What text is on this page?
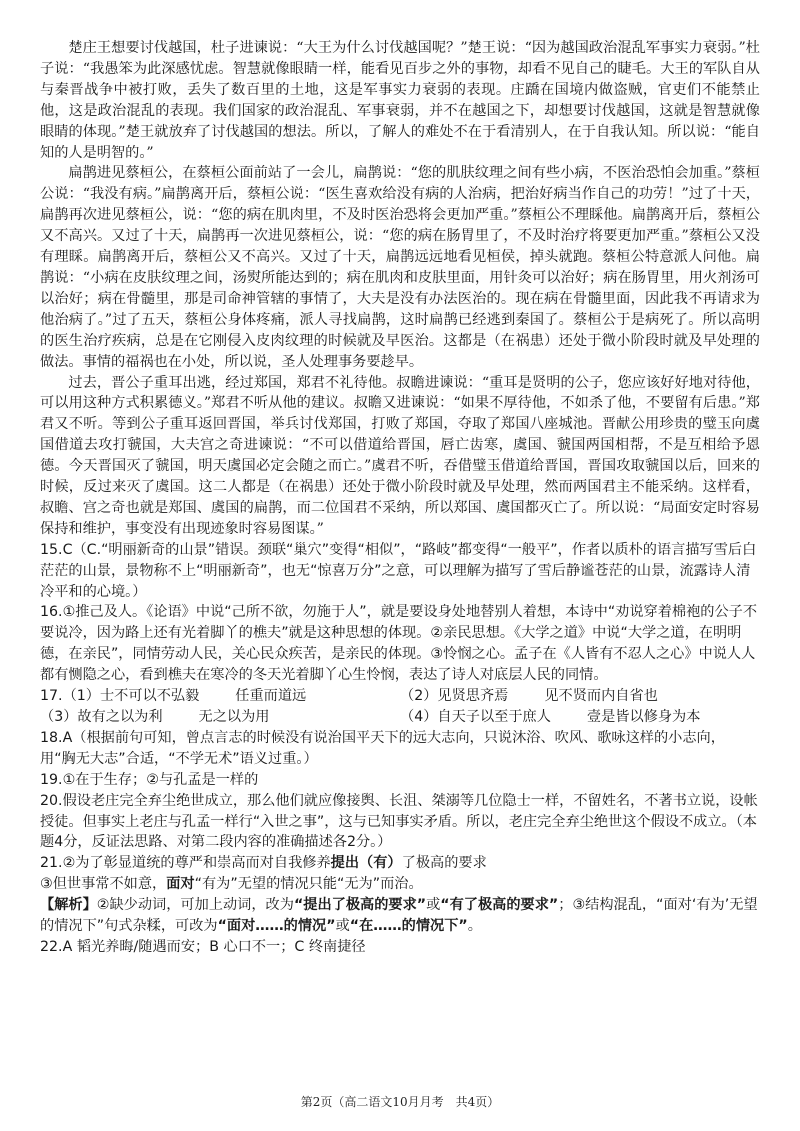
楚庄王想要讨伐越国，杜子进谏说：“大王为什么讨伐越国呢？”楚王说：“因为越国政治混乱军事实力衰弱。”杜子说：“我愚笨为此深感忧虑。智慧就像眼睛一样，能看见百步之外的事物，却看不见自己的睫毛。大王的军队自从与秦晋战争中被打败，丢失了数百里的土地，这是军事实力衰弱的表现。庄蹻在国境内做盗贼，官吏们不能禁止他，这是政治混乱的表现。我们国家的政治混乱、军事衰弱，并不在越国之下，却想要讨伐越国，这就是智慧就像眼睛的体现。”楚王就放弃了讨伐越国的想法。所以，了解人的难处不在于看清别人，在于自我认知。所以说：“能自知的人是明智的。”

扁鹊进见蔡桓公，在蔡桓公面前站了一会儿，扁鹊说：“您的肌肤纹理之间有些小病，不医治恐怕会加重。”蔡桓公说：“我没有病。”扁鹊离开后，蔡桓公说：“医生喜欢给没有病的人治病，把治好病当作自己的功劳！”过了十天，扁鹊再次进见蔡桓公，说：“您的病在肌肉里，不及时医治恐将会更加严重。”蔡桓公不理睬他。扁鹊离开后，蔡桓公又不高兴。又过了十天，扁鹊再一次进见蔡桓公，说：“您的病在肠胃里了，不及时治疗将要更加严重。”蔡桓公又没有理睬。扁鹊离开后，蔡桓公又不高兴。又过了十天，扁鹊远远地看见桓侯，掉头就跑。蔡桓公特意派人问他。扁鹊说：“小病在皮肤纹理之间，汤熨所能达到的；病在肌肉和皮肤里面，用针灸可以治好；病在肠胃里，用火剂汤可以治好；病在骨髓里，那是司命神管辖的事情了，大夫是没有办法医治的。现在病在骨髓里面，因此我不再请求为他治病了。”过了五天，蔡桓公身体疼痛，派人寻找扁鹊，这时扁鹊已经逃到秦国了。蔡桓公于是病死了。所以高明的医生治疗疾病，总是在它刚侵入皮肉纹理的时候就及早医治。这都是（在祸患）还处于微小阶段时就及早处理的做法。事情的福祸也在小处，所以说，圣人处理事务要趁早。

过去，晋公子重耳出逃，经过郑国，郑君不礼待他。叔瞻进谏说：“重耳是贤明的公子，您应该好好地对待他，可以用这种方式积累德义。”郑君不听从他的建议。叔瞻又进谏说：“如果不厚待他，不如杀了他，不要留有后患。”郑君又不听。等到公子重耳返回晋国，举兵讨伐郑国，打败了郑国，夺取了郑国八座城池。晋献公用珍贵的璧玉向虞国借道去攻打虢国，大夫宫之奇进谏说：“不可以借道给晋国，唇亡齿寒，虞国、虢国两国相帮，不是互相给予恩德。今天晋国灭了虢国，明天虞国必定会随之而亡。”虞君不听，吞借璧玉借道给晋国，晋国攻取虢国以后，回来的时候，反过来灭了虞国。这二人都是（在祸患）还处于微小阶段时就及早处理，然而两国君主不能采纳。这样看，叔瞻、宫之奇也就是郑国、虞国的扁鹊，而二位国君不采纳，所以郑国、虞国都灭亡了。所以说：“局面安定时容易保持和维护，事变没有出现迹象时容易图谋。”

15.C（C.“明丽新奇的山景”错误。颈联“巢穴”变得“相似”，“路岐”都变得“一般平”，作者以质朴的语言描写雪后白茫茫的山景，景物称不上“明丽新奇”，也无“惊喜万分”之意，可以理解为描写了雪后静谧苍茫的山景，流露诗人清冷平和的心境。）

16.①推己及人。《论语》中说“己所不欲，勿施于人”，就是要设身处地替别人着想，本诗中“劝说穿着棉袍的公子不要说冷，因为路上还有光着脚丫的樵夫”就是这种思想的体现。②亲民思想。《大学之道》中说“大学之道，在明明德，在亲民”，同情劳动人民，关心民众疾苦，是亲民的体现。③怜悯之心。孟子在《人皆有不忍人之心》中说人人都有恻隐之心，看到樵夫在寒冷的冬天光着脚丫心生怜悯，表达了诗人对底层人民的同情。

17.（1）士不可以不弘毅	任重而道远	（2）见贤思齐焉	见不贤而内自省也
（3）故有之以为利	无之以为用	（4）自天子以至于庶人	壹是皆以修身为本

18.A（根据前句可知，曾点言志的时候没有说治国平天下的远大志向，只说沐浴、吹风、歌咏这样的小志向，用“胸无大志”合适，“不学无术”语义过重。）

19.①在于生存；②与孔孟是一样的

20.假设老庄完全弃尘绝世成立，那么他们就应像接舆、长沮、桀溺等几位隐士一样，不留姓名，不著书立说，设帐授徒。但事实上老庄与孔孟一样行“入世之事”，这与已知事实矛盾。所以，老庄完全弃尘绝世这个假设不成立。（本题4分，反证法思路、对第二段内容的准确描述各2分。）

21.②为了彰显道统的尊严和崇高而对自我修养提出（有）了极高的要求

③但世事常不如意，面对“有为”无望的情况只能“无为”而治。

【解析】②缺少动词，可加上动词，改为“提出了极高的要求”或“有了极高的要求”；③结构混乱，“面对‘有为’无望的情况下”句式杂糅，可改为“面对……的情况”或“在……的情况下”。

22.A 韬光养晦/随遇而安；B 心口不一；C 终南捷径

第2页（高二语文10月月考　共4页）
